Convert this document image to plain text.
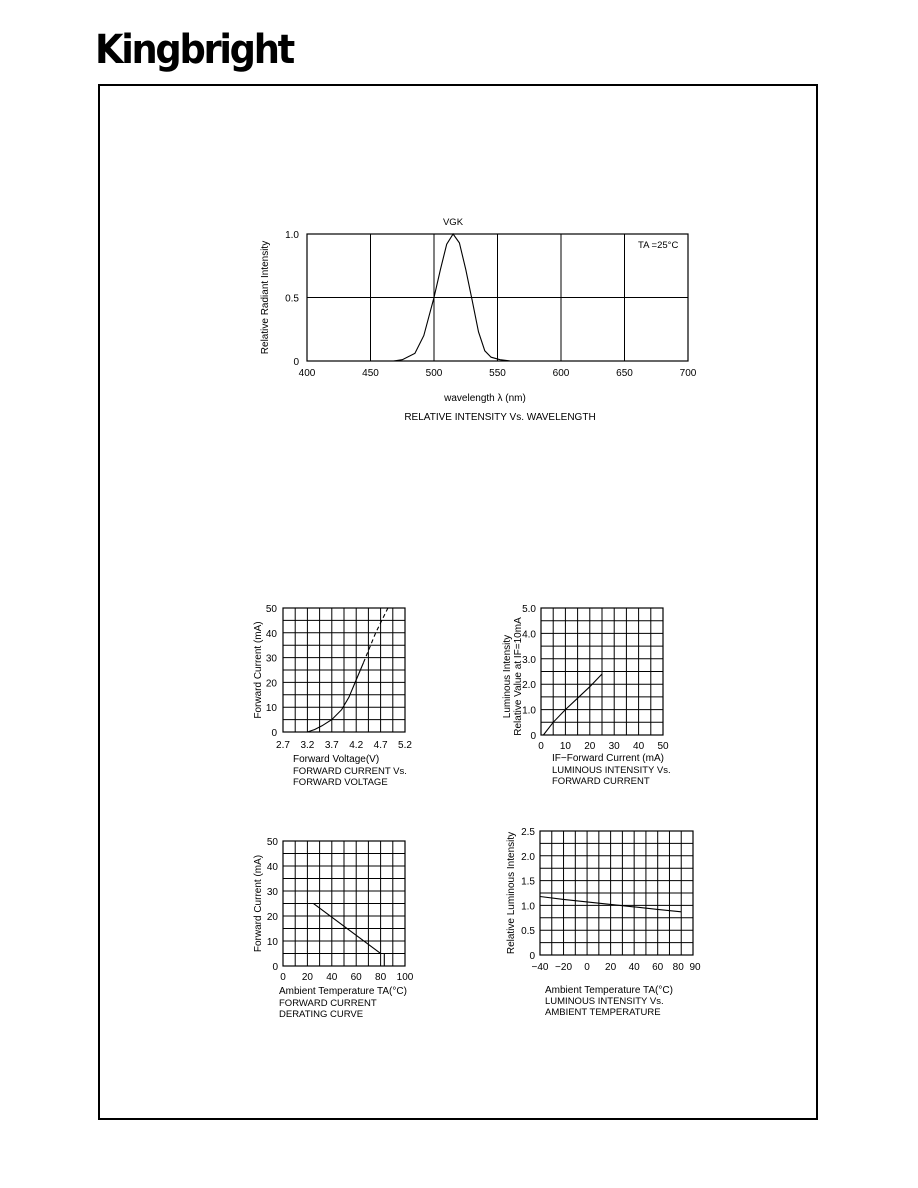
Kingbright
400	450	500	550	600	650	700
0
0.5
1.0
wavelength λ (nm)
Relative Radiant Intensity
RELATIVE INTENSITY Vs. WAVELENGTH
VGK
TA =25°C
2.7 3.2 3.7 4.2 4.7 5.2
0
10
20
30
40
50
Forward Voltage(V)
Forward Current (mA)
FORWARD CURRENT Vs.
FORWARD VOLTAGE
0 10 20 30 40 50
0
1.0
2.0
3.0
4.0
5.0
IF−Forward Current (mA)
Luminous Intensity Relative Value at IF=10mA
LUMINOUS INTENSITY Vs.
FORWARD CURRENT
0 20 40 60 80 100
0
10
20
30
40
50
Ambient Temperature TA(°C)
Forward Current (mA)
FORWARD CURRENT
DERATING CURVE
−40 −20 0 20 40 60 80 90
0
0.5
1.0
1.5
2.0
2.5
Ambient Temperature TA(°C)
Relative Luminous Intensity
LUMINOUS INTENSITY Vs.
AMBIENT TEMPERATURE
